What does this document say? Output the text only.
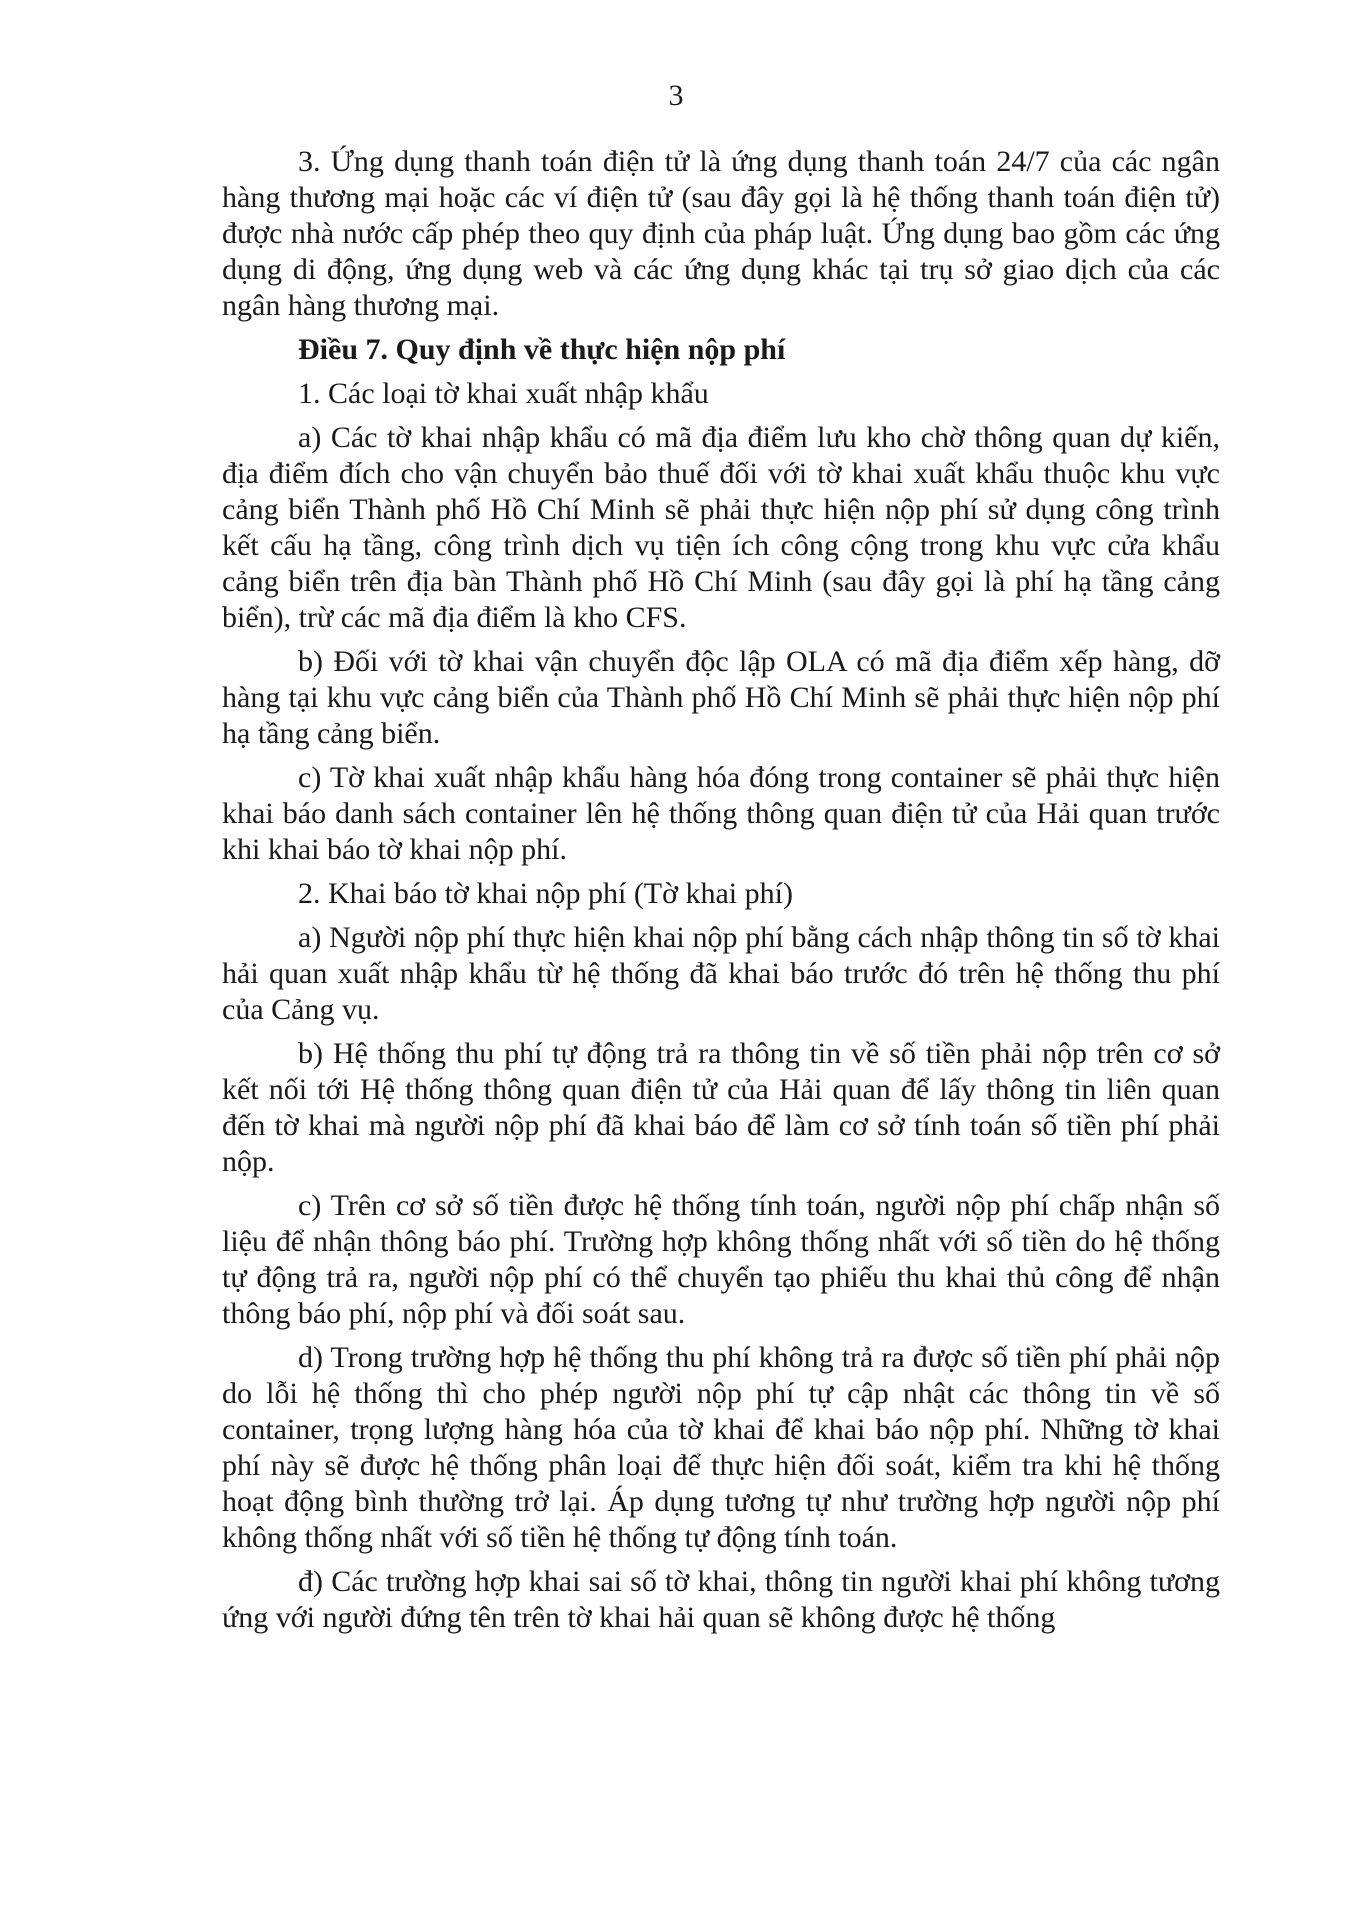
3

3. Ứng dụng thanh toán điện tử là ứng dụng thanh toán 24/7 của các ngân hàng thương mại hoặc các ví điện tử (sau đây gọi là hệ thống thanh toán điện tử) được nhà nước cấp phép theo quy định của pháp luật. Ứng dụng bao gồm các ứng dụng di động, ứng dụng web và các ứng dụng khác tại trụ sở giao dịch của các ngân hàng thương mại.

Điều 7. Quy định về thực hiện nộp phí

1. Các loại tờ khai xuất nhập khẩu

a) Các tờ khai nhập khẩu có mã địa điểm lưu kho chờ thông quan dự kiến, địa điểm đích cho vận chuyển bảo thuế đối với tờ khai xuất khẩu thuộc khu vực cảng biển Thành phố Hồ Chí Minh sẽ phải thực hiện nộp phí sử dụng công trình kết cấu hạ tầng, công trình dịch vụ tiện ích công cộng trong khu vực cửa khẩu cảng biển trên địa bàn Thành phố Hồ Chí Minh (sau đây gọi là phí hạ tầng cảng biển), trừ các mã địa điểm là kho CFS.

b) Đối với tờ khai vận chuyển độc lập OLA có mã địa điểm xếp hàng, dỡ hàng tại khu vực cảng biển của Thành phố Hồ Chí Minh sẽ phải thực hiện nộp phí hạ tầng cảng biển.

c) Tờ khai xuất nhập khẩu hàng hóa đóng trong container sẽ phải thực hiện khai báo danh sách container lên hệ thống thông quan điện tử của Hải quan trước khi khai báo tờ khai nộp phí.

2. Khai báo tờ khai nộp phí (Tờ khai phí)

a) Người nộp phí thực hiện khai nộp phí bằng cách nhập thông tin số tờ khai hải quan xuất nhập khẩu từ hệ thống đã khai báo trước đó trên hệ thống thu phí của Cảng vụ.

b) Hệ thống thu phí tự động trả ra thông tin về số tiền phải nộp trên cơ sở kết nối tới Hệ thống thông quan điện tử của Hải quan để lấy thông tin liên quan đến tờ khai mà người nộp phí đã khai báo để làm cơ sở tính toán số tiền phí phải nộp.

c) Trên cơ sở số tiền được hệ thống tính toán, người nộp phí chấp nhận số liệu để nhận thông báo phí. Trường hợp không thống nhất với số tiền do hệ thống tự động trả ra, người nộp phí có thể chuyển tạo phiếu thu khai thủ công để nhận thông báo phí, nộp phí và đối soát sau.

d) Trong trường hợp hệ thống thu phí không trả ra được số tiền phí phải nộp do lỗi hệ thống thì cho phép người nộp phí tự cập nhật các thông tin về số container, trọng lượng hàng hóa của tờ khai để khai báo nộp phí. Những tờ khai phí này sẽ được hệ thống phân loại để thực hiện đối soát, kiểm tra khi hệ thống hoạt động bình thường trở lại. Áp dụng tương tự như trường hợp người nộp phí không thống nhất với số tiền hệ thống tự động tính toán.

đ) Các trường hợp khai sai số tờ khai, thông tin người khai phí không tương ứng với người đứng tên trên tờ khai hải quan sẽ không được hệ thống
